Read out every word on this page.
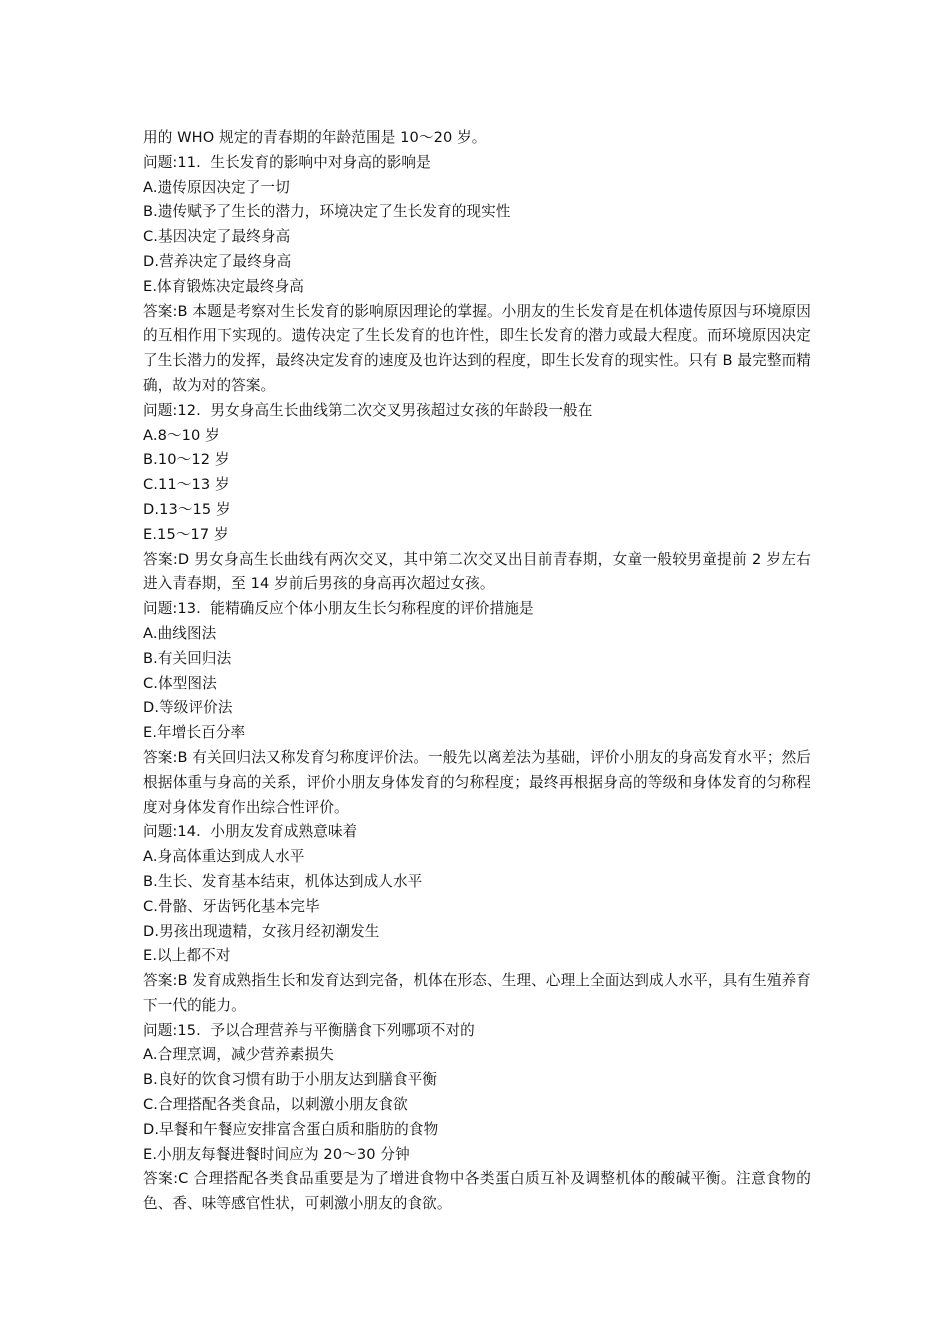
用的 WHO 规定的青春期的年龄范围是 10～20 岁。

问题:11.  生长发育的影响中对身高的影响是

A.遗传原因决定了一切

B.遗传赋予了生长的潜力，环境决定了生长发育的现实性

C.基因决定了最终身高

D.营养决定了最终身高

E.体育锻炼决定最终身高

答案:B 本题是考察对生长发育的影响原因理论的掌握。小朋友的生长发育是在机体遗传原因与环境原因的互相作用下实现的。遗传决定了生长发育的也许性，即生长发育的潜力或最大程度。而环境原因决定了生长潜力的发挥，最终决定发育的速度及也许达到的程度，即生长发育的现实性。只有 B 最完整而精确，故为对的答案。

问题:12.  男女身高生长曲线第二次交叉男孩超过女孩的年龄段一般在

A.8～10 岁

B.10～12 岁

C.11～13 岁

D.13～15 岁

E.15～17 岁

答案:D 男女身高生长曲线有两次交叉，其中第二次交叉出目前青春期，女童一般较男童提前 2 岁左右进入青春期，至 14 岁前后男孩的身高再次超过女孩。

问题:13.  能精确反应个体小朋友生长匀称程度的评价措施是

A.曲线图法

B.有关回归法

C.体型图法

D.等级评价法

E.年增长百分率

答案:B 有关回归法又称发育匀称度评价法。一般先以离差法为基础，评价小朋友的身高发育水平；然后根据体重与身高的关系，评价小朋友身体发育的匀称程度；最终再根据身高的等级和身体发育的匀称程度对身体发育作出综合性评价。

问题:14.  小朋友发育成熟意味着

A.身高体重达到成人水平

B.生长、发育基本结束，机体达到成人水平

C.骨骼、牙齿钙化基本完毕

D.男孩出现遗精，女孩月经初潮发生

E.以上都不对

答案:B 发育成熟指生长和发育达到完备，机体在形态、生理、心理上全面达到成人水平，具有生殖养育下一代的能力。

问题:15.  予以合理营养与平衡膳食下列哪项不对的

A.合理烹调，减少营养素损失

B.良好的饮食习惯有助于小朋友达到膳食平衡

C.合理搭配各类食品，以刺激小朋友食欲

D.早餐和午餐应安排富含蛋白质和脂肪的食物

E.小朋友每餐进餐时间应为 20～30 分钟

答案:C 合理搭配各类食品重要是为了增进食物中各类蛋白质互补及调整机体的酸碱平衡。注意食物的色、香、味等感官性状，可刺激小朋友的食欲。
